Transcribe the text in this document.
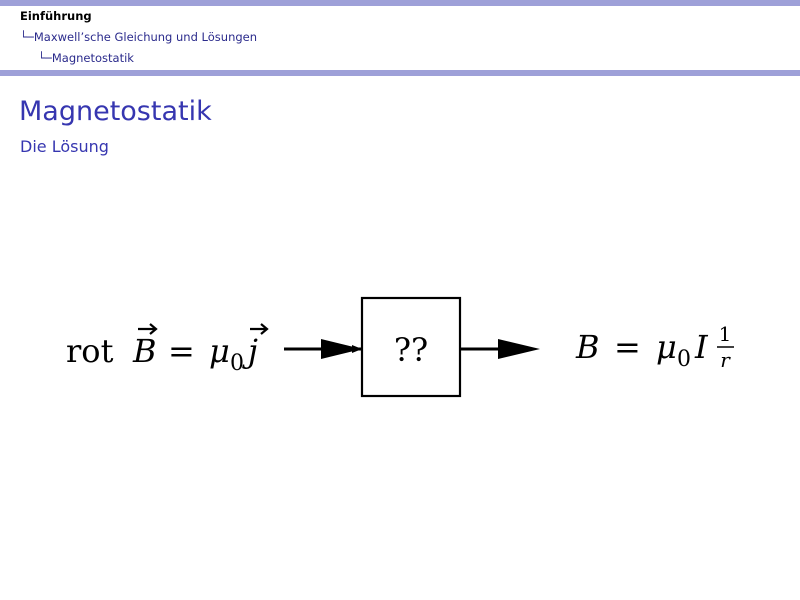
Einführung
└─Maxwell’sche Gleichung und Lösungen
└─Magnetostatik
Magnetostatik
Die Lösung
rot B = μ 0 j	??	B = μ 0 I 1
r
